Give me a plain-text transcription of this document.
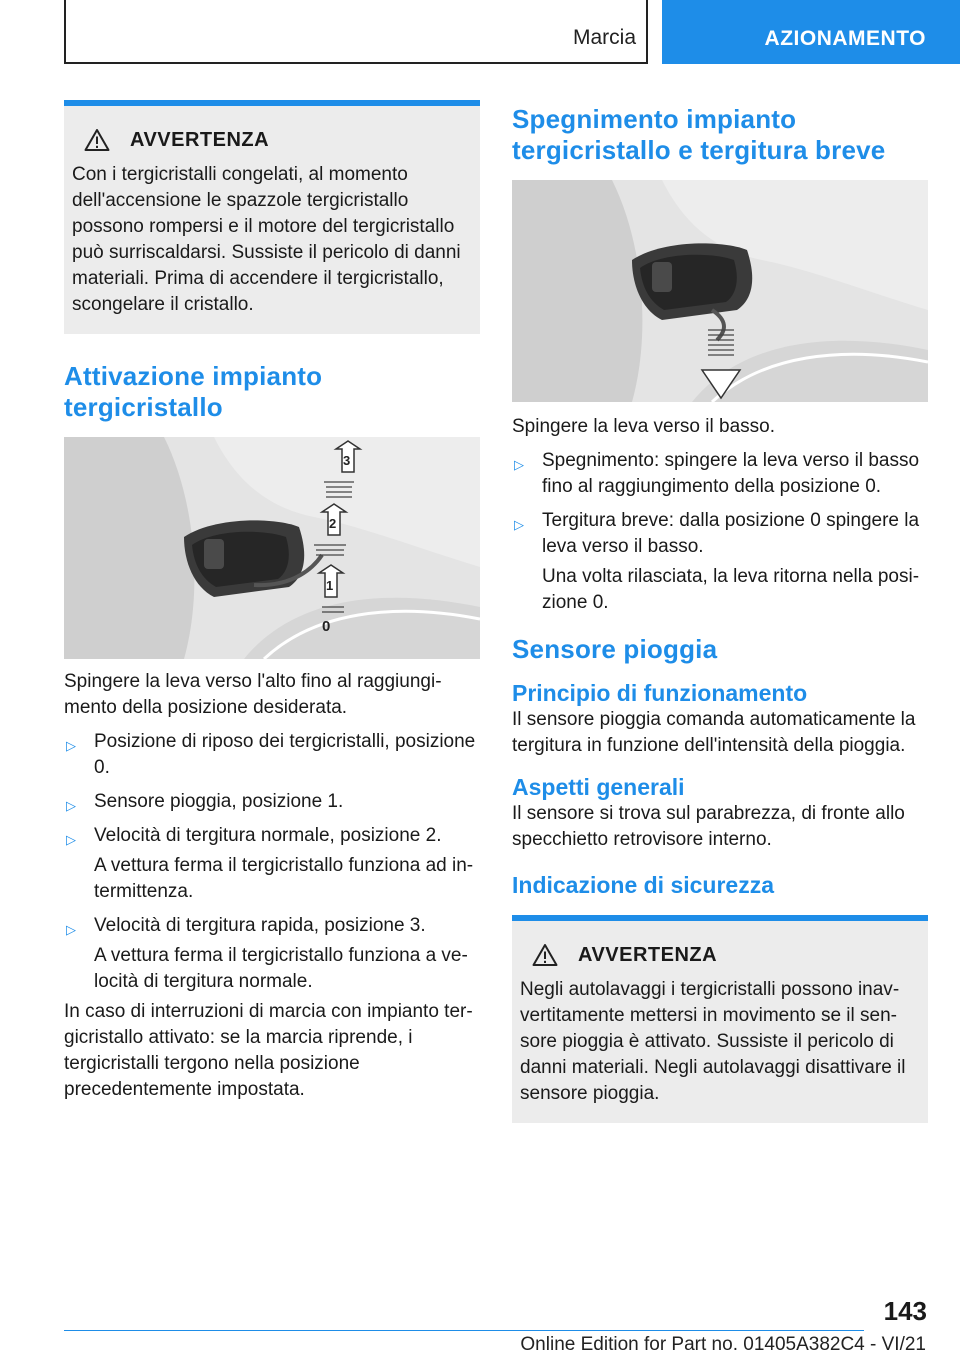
Marcia	AZIONAMENTO
AVVERTENZA
Con i tergicristalli congelati, al momento dell'accensione le spazzole tergicristallo possono rompersi e il motore del tergicristallo può surriscaldarsi. Sussiste il pericolo di danni materiali. Prima di accendere il tergicristallo, scongelare il cristallo.
Attivazione impianto tergicristallo
3
2
1
0

Spingere la leva verso l'alto fino al raggiungimento della posizione desiderata.

▷ Posizione di riposo dei tergicristalli, posizione 0.
▷ Sensore pioggia, posizione 1.
▷ Velocità di tergitura normale, posizione 2.
A vettura ferma il tergicristallo funziona ad intermittenza.
▷ Velocità di tergitura rapida, posizione 3.
A vettura ferma il tergicristallo funziona a velocità di tergitura normale.

In caso di interruzioni di marcia con impianto tergicristallo attivato: se la marcia riprende, i tergicristalli tergono nella posizione precedentemente impostata.

Spegnimento impianto tergicristallo e tergitura breve

Spingere la leva verso il basso.

▷ Spegnimento: spingere la leva verso il basso fino al raggiungimento della posizione 0.
▷ Tergitura breve: dalla posizione 0 spingere la leva verso il basso.
Una volta rilasciata, la leva ritorna nella posizione 0.
Sensore pioggia
Principio di funzionamento

Il sensore pioggia comanda automaticamente la tergitura in funzione dell'intensità della pioggia.

Aspetti generali

Il sensore si trova sul parabrezza, di fronte allo specchietto retrovisore interno.

Indicazione di sicurezza
AVVERTENZA
Negli autolavaggi i tergicristalli possono inavvertitamente mettersi in movimento se il sensore pioggia è attivato. Sussiste il pericolo di danni materiali. Negli autolavaggi disattivare il sensore pioggia.
143
Online Edition for Part no. 01405A382C4 - VI/21
